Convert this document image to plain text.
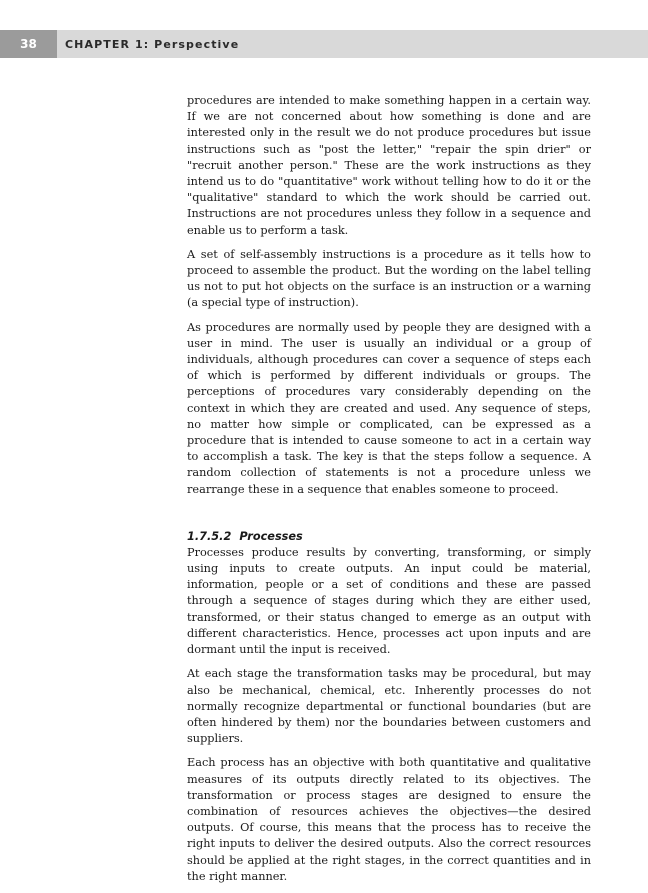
38	CHAPTER 1: Perspective

procedures are intended to make something happen in a certain way. If we are not concerned about how something is done and are interested only in the result we do not produce procedures but issue instructions such as "post the letter," "repair the spin drier" or "recruit another person." These are the work instructions as they intend us to do "quantitative" work without telling how to do it or the "qualitative" standard to which the work should be carried out. Instructions are not procedures unless they follow in a sequence and enable us to perform a task.

A set of self-assembly instructions is a procedure as it tells how to proceed to assemble the product. But the wording on the label telling us not to put hot objects on the surface is an instruction or a warning (a special type of instruction).

As procedures are normally used by people they are designed with a user in mind. The user is usually an individual or a group of individuals, although procedures can cover a sequence of steps each of which is performed by different individuals or groups. The perceptions of procedures vary considerably depending on the context in which they are created and used. Any sequence of steps, no matter how simple or complicated, can be expressed as a procedure that is intended to cause someone to act in a certain way to accomplish a task. The key is that the steps follow a sequence. A random collection of statements is not a procedure unless we rearrange these in a sequence that enables someone to proceed.

1.7.5.2 Processes

Processes produce results by converting, transforming, or simply using inputs to create outputs. An input could be material, information, people or a set of conditions and these are passed through a sequence of stages during which they are either used, transformed, or their status changed to emerge as an output with different characteristics. Hence, processes act upon inputs and are dormant until the input is received.

At each stage the transformation tasks may be procedural, but may also be mechanical, chemical, etc. Inherently processes do not normally recognize departmental or functional boundaries (but are often hindered by them) nor the boundaries between customers and suppliers.

Each process has an objective with both quantitative and qualitative measures of its outputs directly related to its objectives. The transformation or process stages are designed to ensure the combination of resources achieves the objectives—the desired outputs. Of course, this means that the process has to receive the right inputs to deliver the desired outputs. Also the correct resources should be applied at the right stages, in the correct quantities and in the right manner.
